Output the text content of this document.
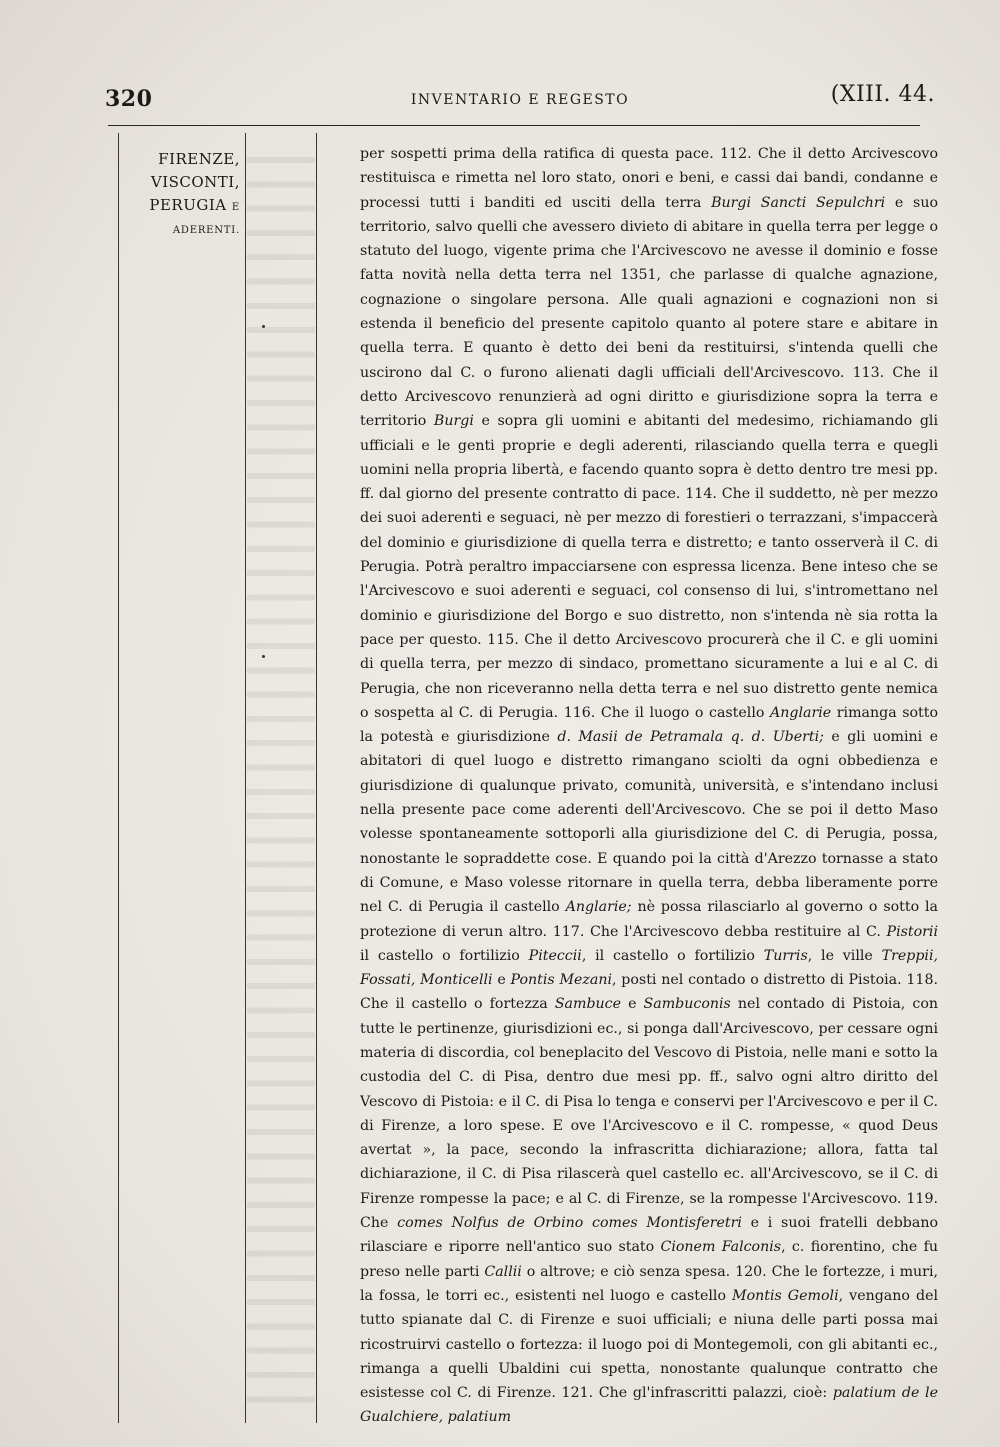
320	INVENTARIO E REGESTO	(XIII. 44.
FIRENZE,
VISCONTI,
PERUGIA E
ADERENTI.
per sospetti prima della ratifica di questa pace. 112. Che il detto Arcivescovo restituisca e rimetta nel loro stato, onori e beni, e cassi dai bandi, condanne e processi tutti i banditi ed usciti della terra Burgi Sancti Sepulchri e suo territorio, salvo quelli che avessero divieto di abitare in quella terra per legge o statuto del luogo, vigente prima che l'Arcivescovo ne avesse il dominio e fosse fatta novità nella detta terra nel 1351, che parlasse di qualche agnazione, cognazione o singolare persona. Alle quali agnazioni e cognazioni non si estenda il beneficio del presente capitolo quanto al potere stare e abitare in quella terra. E quanto è detto dei beni da restituirsi, s'intenda quelli che uscirono dal C. o furono alienati dagli ufficiali dell'Arcivescovo. 113. Che il detto Arcivescovo renunzierà ad ogni diritto e giurisdizione sopra la terra e territorio Burgi e sopra gli uomini e abitanti del medesimo, richiamando gli ufficiali e le genti proprie e degli aderenti, rilasciando quella terra e quegli uomini nella propria libertà, e facendo quanto sopra è detto dentro tre mesi pp. ff. dal giorno del presente contratto di pace. 114. Che il suddetto, nè per mezzo dei suoi aderenti e seguaci, nè per mezzo di forestieri o terrazzani, s'impaccerà del dominio e giurisdizione di quella terra e distretto; e tanto osserverà il C. di Perugia. Potrà peraltro impacciarsene con espressa licenza. Bene inteso che se l'Arcivescovo e suoi aderenti e seguaci, col consenso di lui, s'intromettano nel dominio e giurisdizione del Borgo e suo distretto, non s'intenda nè sia rotta la pace per questo. 115. Che il detto Arcivescovo procurerà che il C. e gli uomini di quella terra, per mezzo di sindaco, promettano sicuramente a lui e al C. di Perugia, che non riceveranno nella detta terra e nel suo distretto gente nemica o sospetta al C. di Perugia. 116. Che il luogo o castello Anglarie rimanga sotto la potestà e giurisdizione d. Masii de Petramala q. d. Uberti; e gli uomini e abitatori di quel luogo e distretto rimangano sciolti da ogni obbedienza e giurisdizione di qualunque privato, comunità, università, e s'intendano inclusi nella presente pace come aderenti dell'Arcivescovo. Che se poi il detto Maso volesse spontaneamente sottoporli alla giurisdizione del C. di Perugia, possa, nonostante le sopraddette cose. E quando poi la città d'Arezzo tornasse a stato di Comune, e Maso volesse ritornare in quella terra, debba liberamente porre nel C. di Perugia il castello Anglarie; nè possa rilasciarlo al governo o sotto la protezione di verun altro. 117. Che l'Arcivescovo debba restituire al C. Pistorii il castello o fortilizio Piteccii, il castello o fortilizio Turris, le ville Treppii, Fossati, Monticelli e Pontis Mezani, posti nel contado o distretto di Pistoia. 118. Che il castello o fortezza Sambuce e Sambuconis nel contado di Pistoia, con tutte le pertinenze, giurisdizioni ec., si ponga dall'Arcivescovo, per cessare ogni materia di discordia, col beneplacito del Vescovo di Pistoia, nelle mani e sotto la custodia del C. di Pisa, dentro due mesi pp. ff., salvo ogni altro diritto del Vescovo di Pistoia: e il C. di Pisa lo tenga e conservi per l'Arcivescovo e per il C. di Firenze, a loro spese. E ove l'Arcivescovo e il C. rompesse, « quod Deus avertat », la pace, secondo la infrascritta dichiarazione; allora, fatta tal dichiarazione, il C. di Pisa rilascerà quel castello ec. all'Arcivescovo, se il C. di Firenze rompesse la pace; e al C. di Firenze, se la rompesse l'Arcivescovo. 119. Che comes Nolfus de Orbino comes Montisferetri e i suoi fratelli debbano rilasciare e riporre nell'antico suo stato Cionem Falconis, c. fiorentino, che fu preso nelle parti Callii o altrove; e ciò senza spesa. 120. Che le fortezze, i muri, la fossa, le torri ec., esistenti nel luogo e castello Montis Gemoli, vengano del tutto spianate dal C. di Firenze e suoi ufficiali; e niuna delle parti possa mai ricostruirvi castello o fortezza: il luogo poi di Montegemoli, con gli abitanti ec., rimanga a quelli Ubaldini cui spetta, nonostante qualunque contratto che esistesse col C. di Firenze. 121. Che gl'infrascritti palazzi, cioè: palatium de le Gualchiere, palatium
